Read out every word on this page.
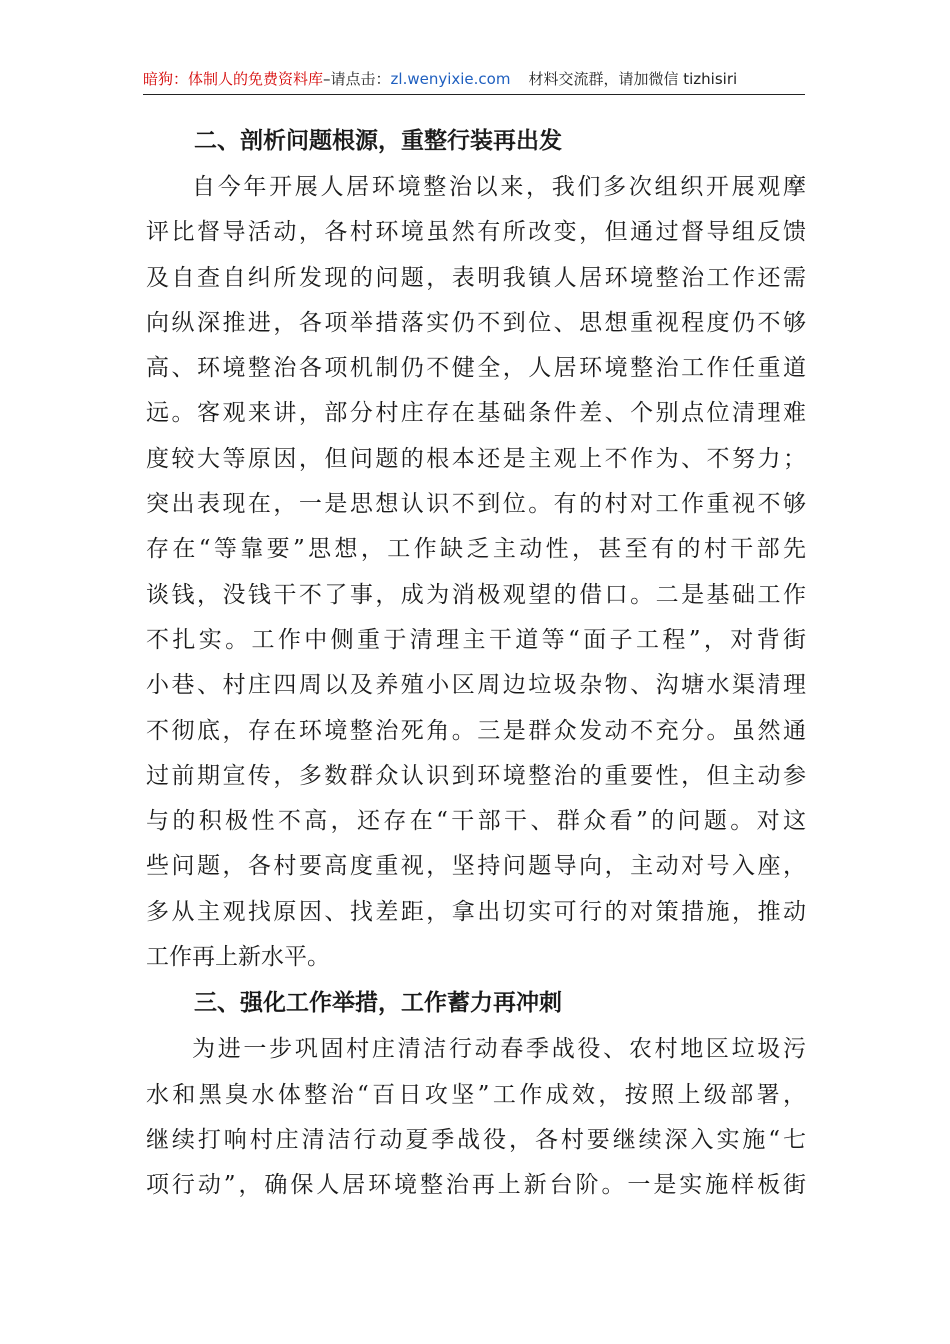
暗狗：体制人的免费资料库–请点击：zl.wenyixie.com 材料交流群，请加微信 tizhisiri

二、剖析问题根源，重整行装再出发

自今年开展人居环境整治以来，我们多次组织开展观摩

评比督导活动，各村环境虽然有所改变，但通过督导组反馈

及自查自纠所发现的问题，表明我镇人居环境整治工作还需

向纵深推进，各项举措落实仍不到位、思想重视程度仍不够

高、环境整治各项机制仍不健全，人居环境整治工作任重道

远。客观来讲，部分村庄存在基础条件差、个别点位清理难

度较大等原因，但问题的根本还是主观上不作为、不努力；

突出表现在，一是思想认识不到位。有的村对工作重视不够

存在“等靠要”思想，工作缺乏主动性，甚至有的村干部先

谈钱，没钱干不了事，成为消极观望的借口。二是基础工作

不扎实。工作中侧重于清理主干道等“面子工程”，对背街

小巷、村庄四周以及养殖小区周边垃圾杂物、沟塘水渠清理

不彻底，存在环境整治死角。三是群众发动不充分。虽然通

过前期宣传，多数群众认识到环境整治的重要性，但主动参

与的积极性不高，还存在“干部干、群众看”的问题。对这

些问题，各村要高度重视，坚持问题导向，主动对号入座，

多从主观找原因、找差距，拿出切实可行的对策措施，推动

工作再上新水平。

三、强化工作举措，工作蓄力再冲刺

为进一步巩固村庄清洁行动春季战役、农村地区垃圾污

水和黑臭水体整治“百日攻坚”工作成效，按照上级部署，

继续打响村庄清洁行动夏季战役，各村要继续深入实施“七

项行动”，确保人居环境整治再上新台阶。一是实施样板街
